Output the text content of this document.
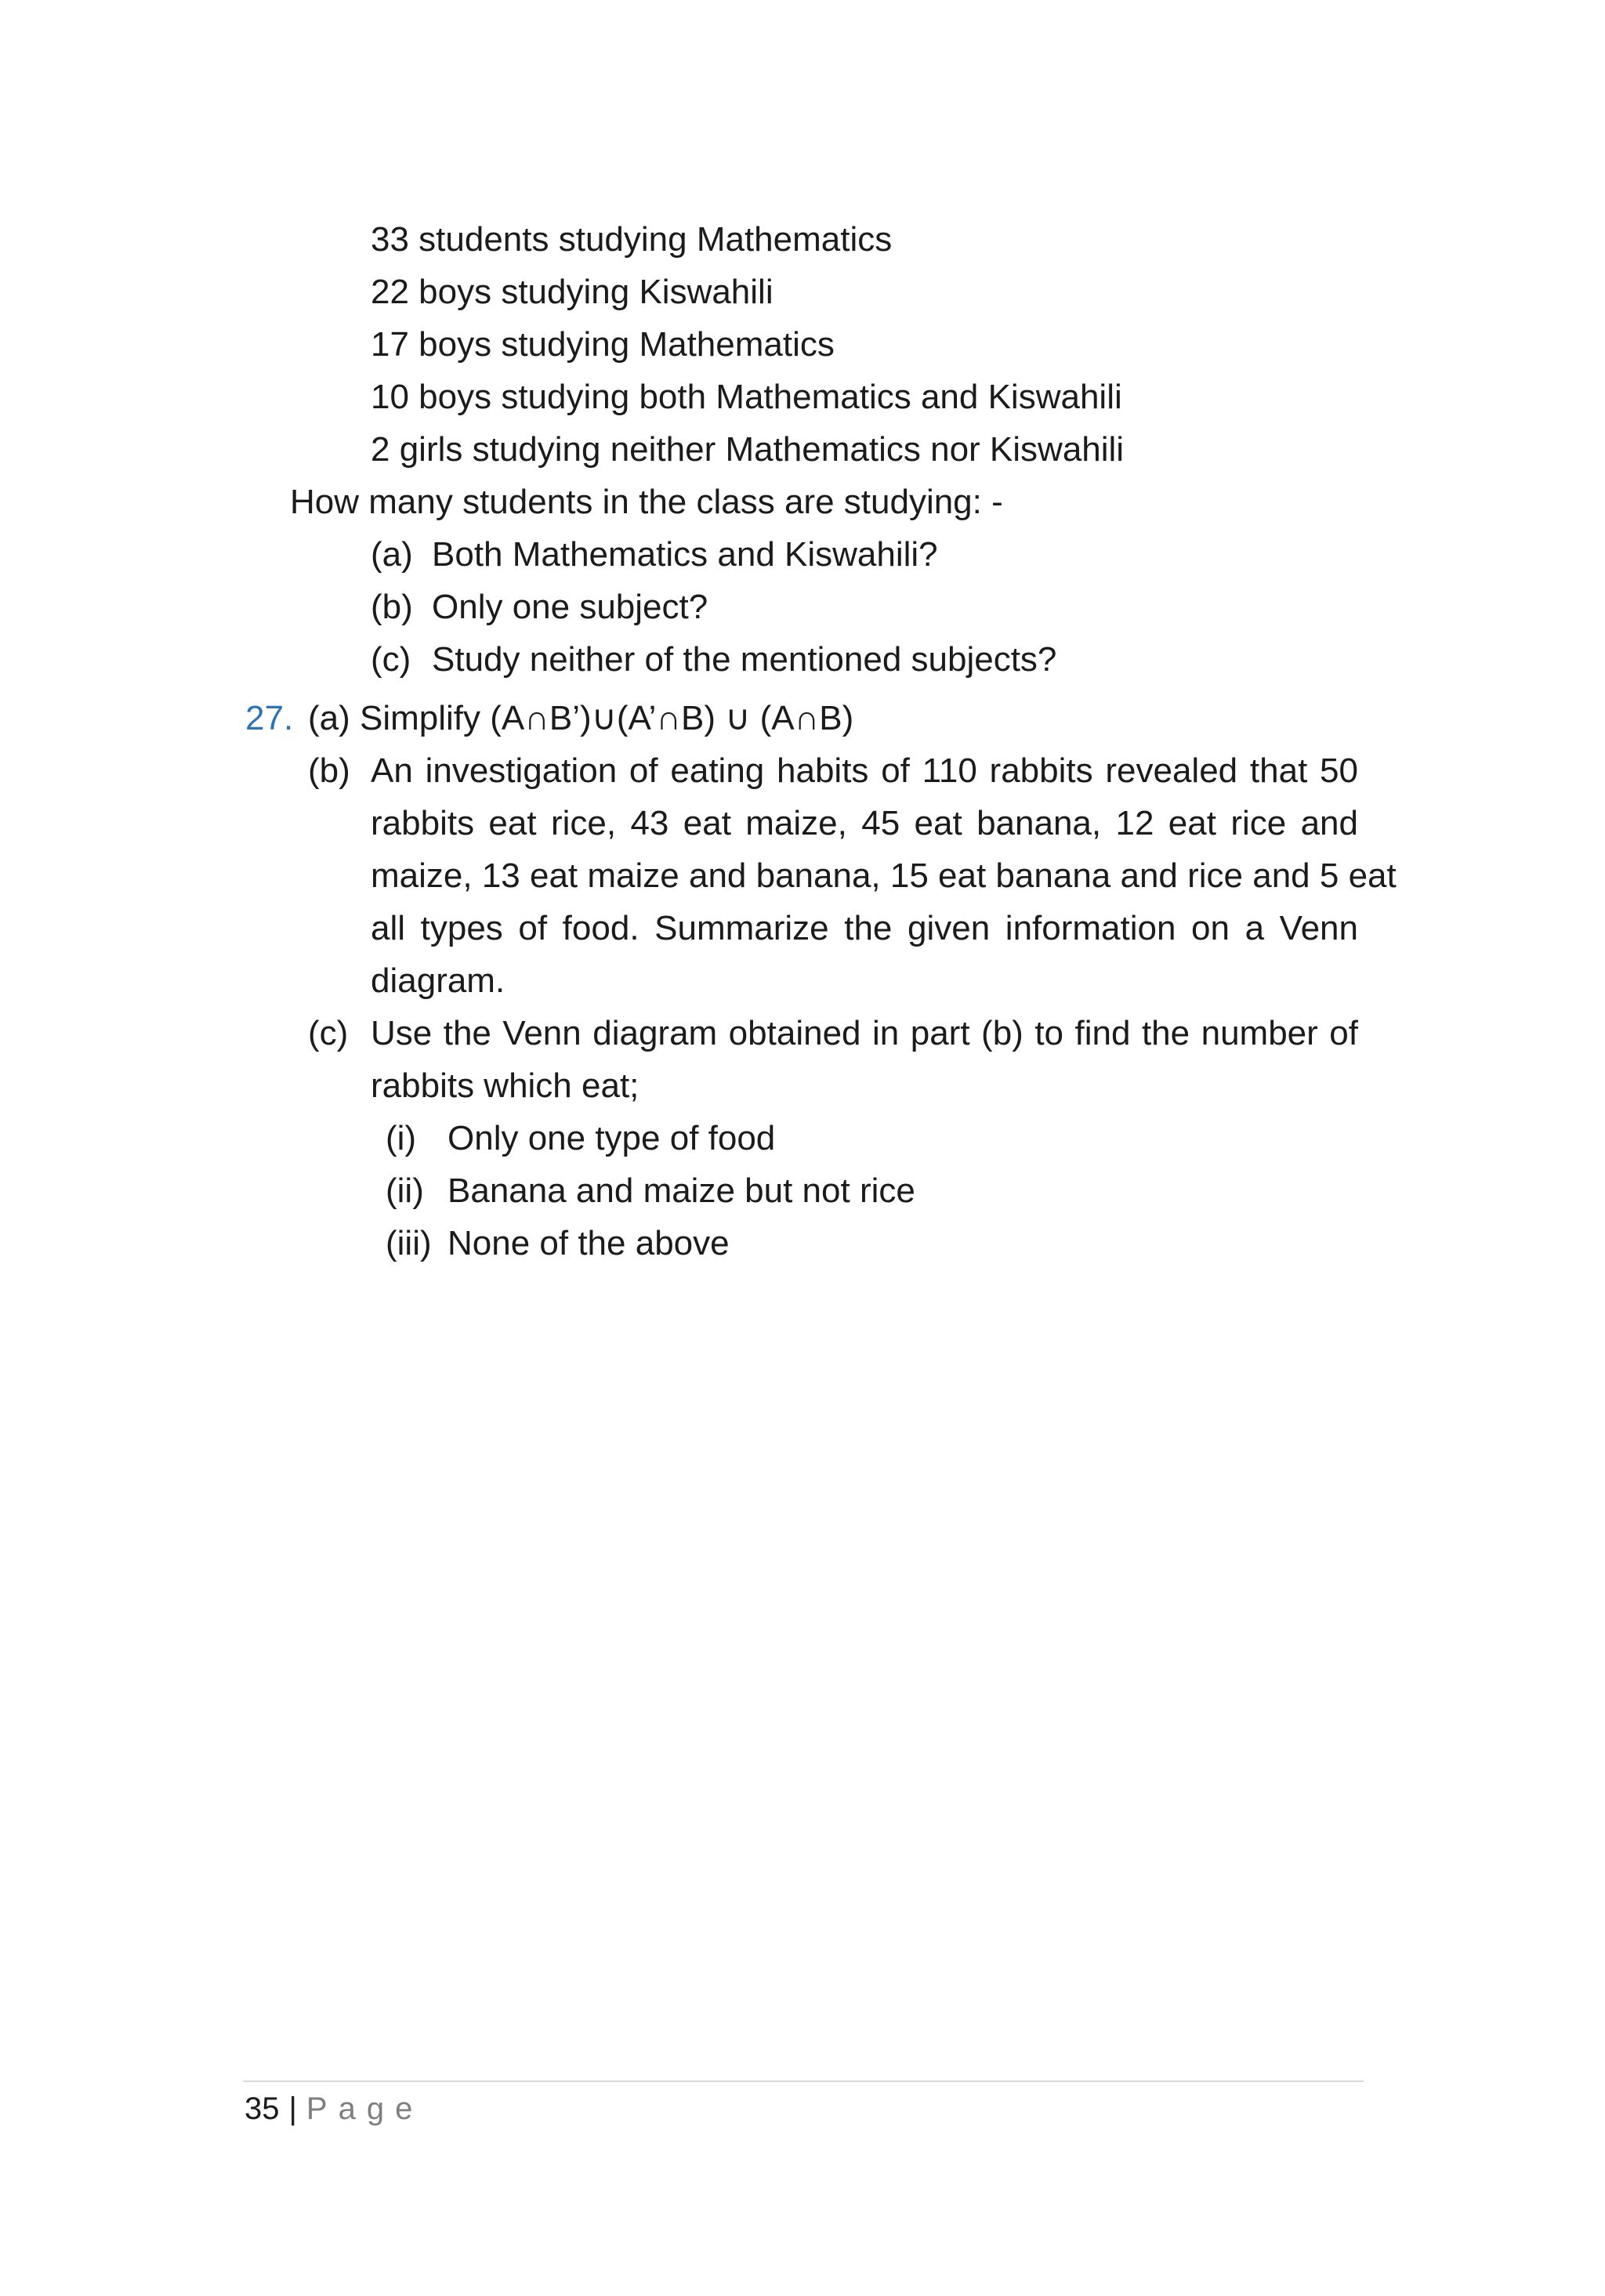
33 students studying Mathematics
22 boys studying Kiswahili
17 boys studying Mathematics
10 boys studying both Mathematics and Kiswahili
2 girls studying neither Mathematics nor Kiswahili
How many students in the class are studying: -
(a) Both Mathematics and Kiswahili?
(b) Only one subject?
(c) Study neither of the mentioned subjects?
27. (a) Simplify (A∩B’)∪(A’∩B) ∪ (A∩B)
(b) An investigation of eating habits of 110 rabbits revealed that 50
rabbits eat rice, 43 eat maize, 45 eat banana, 12 eat rice and
maize, 13 eat maize and banana, 15 eat banana and rice and 5 eat
all types of food. Summarize the given information on a Venn
diagram.
(c) Use the Venn diagram obtained in part (b) to find the number of
rabbits which eat;
(i) Only one type of food
(ii) Banana and maize but not rice
(iii) None of the above
35 | Page
